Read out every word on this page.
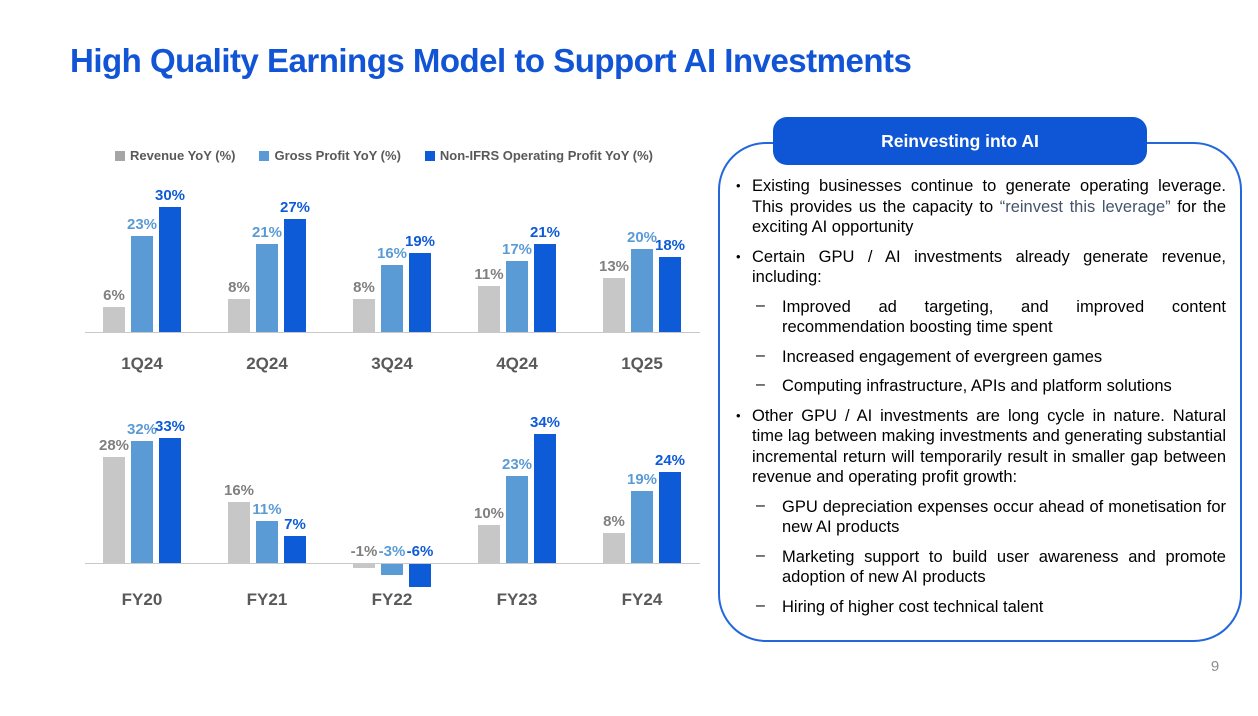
High Quality Earnings Model to Support AI Investments
Revenue YoY (%)	Gross Profit YoY (%)	Non-IFRS Operating Profit YoY (%)
6%
23%
30%
1Q24
8%
21%
27%
2Q24
8%
16%
19%
3Q24
11%
17%
21%
4Q24
13%
20%
18%
1Q25
28%
32%
33%
FY20
16%
11%
7%
FY21
-1% -3% -6%
FY22
10%
23%
34%
FY23
8%
19%
24%
FY24
Reinvesting into AI
• Existing businesses continue to generate operating leverage. This provides us the capacity to “reinvest this leverage” for the exciting AI opportunity
• Certain GPU / AI investments already generate revenue, including:
–	Improved ad targeting, and improved content recommendation boosting time spent
–	Increased engagement of evergreen games
–	Computing infrastructure, APIs and platform solutions
• Other GPU / AI investments are long cycle in nature. Natural time lag between making investments and generating substantial incremental return will temporarily result in smaller gap between revenue and operating profit growth:
–	GPU depreciation expenses occur ahead of monetisation for new AI products
–	Marketing support to build user awareness and promote adoption of new AI products
–	Hiring of higher cost technical talent
9
